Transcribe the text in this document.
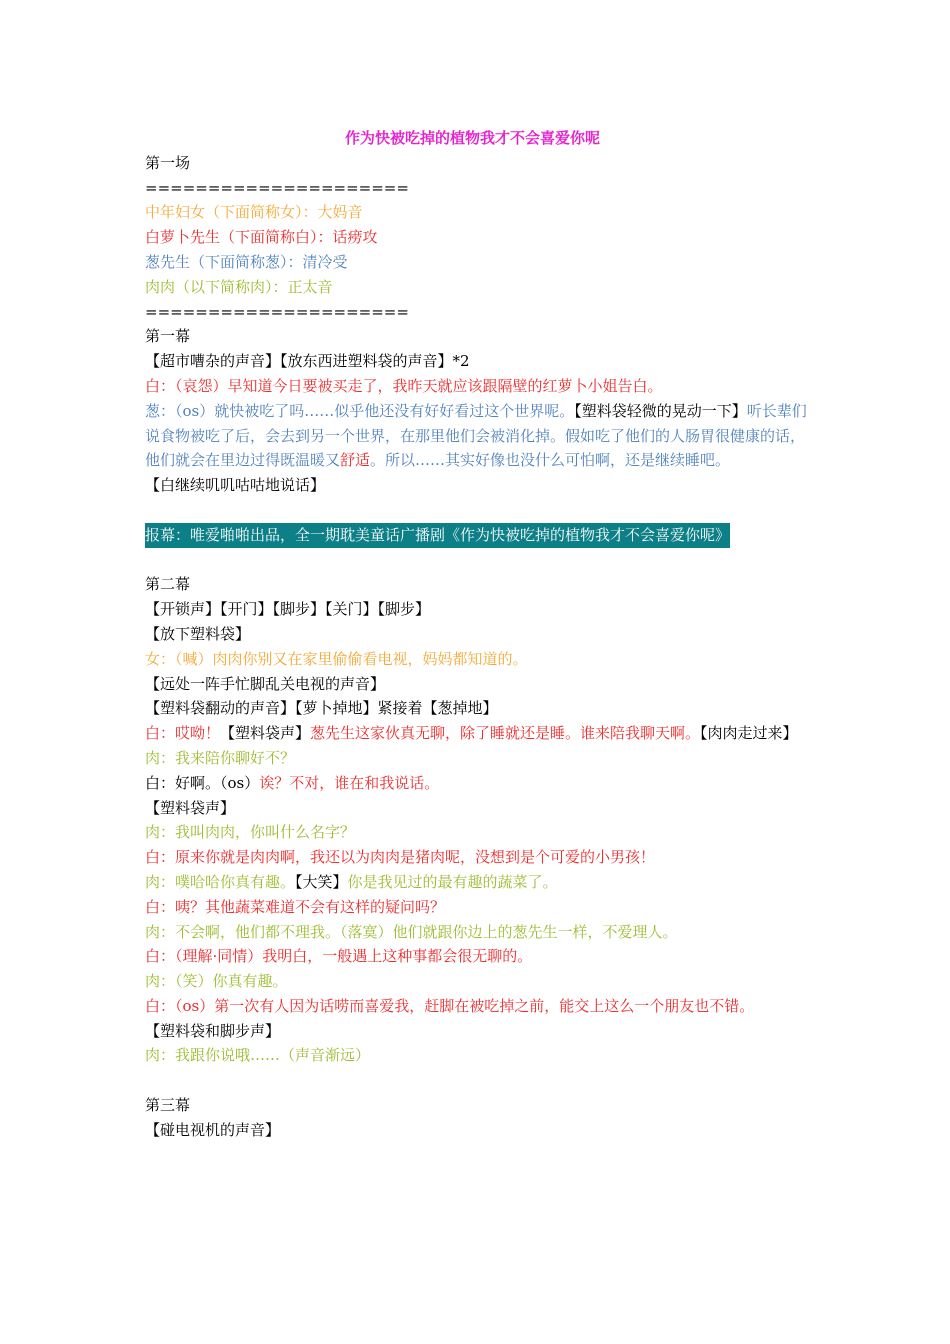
作为快被吃掉的植物我才不会喜爱你呢
第一场
=====================
中年妇女（下面简称女）：大妈音
白萝卜先生（下面简称白）：话痨攻
葱先生（下面简称葱）：清冷受
肉肉（以下简称肉）：正太音
=====================
第一幕
【超市嘈杂的声音】【放东西进塑料袋的声音】*2
白：（哀怨）早知道今日要被买走了，我昨天就应该跟隔壁的红萝卜小姐告白。
葱：（os）就快被吃了吗……似乎他还没有好好看过这个世界呢。【塑料袋轻微的晃动一下】听长辈们说食物被吃了后，会去到另一个世界，在那里他们会被消化掉。假如吃了他们的人肠胃很健康的话，他们就会在里边过得既温暖又舒适。所以……其实好像也没什么可怕啊，还是继续睡吧。
【白继续叽叽咕咕地说话】
报幕：唯爱啪啪出品，全一期耽美童话广播剧《作为快被吃掉的植物我才不会喜爱你呢》
第二幕
【开锁声】【开门】【脚步】【关门】【脚步】
【放下塑料袋】
女：（喊）肉肉你别又在家里偷偷看电视，妈妈都知道的。
【远处一阵手忙脚乱关电视的声音】
【塑料袋翻动的声音】【萝卜掉地】紧接着【葱掉地】
白：哎呦！【塑料袋声】葱先生这家伙真无聊，除了睡就还是睡。谁来陪我聊天啊。【肉肉走过来】
肉：我来陪你聊好不？
白：好啊。（os）诶？不对，谁在和我说话。
【塑料袋声】
肉：我叫肉肉，你叫什么名字？
白：原来你就是肉肉啊，我还以为肉肉是猪肉呢，没想到是个可爱的小男孩！
肉：噗哈哈你真有趣。【大笑】你是我见过的最有趣的蔬菜了。
白：咦？其他蔬菜难道不会有这样的疑问吗？
肉：不会啊，他们都不理我。（落寞）他们就跟你边上的葱先生一样，不爱理人。
白：（理解·同情）我明白，一般遇上这种事都会很无聊的。
肉：（笑）你真有趣。
白：（os）第一次有人因为话唠而喜爱我，赶脚在被吃掉之前，能交上这么一个朋友也不错。
【塑料袋和脚步声】
肉：我跟你说哦……（声音渐远）
第三幕
【碰电视机的声音】
